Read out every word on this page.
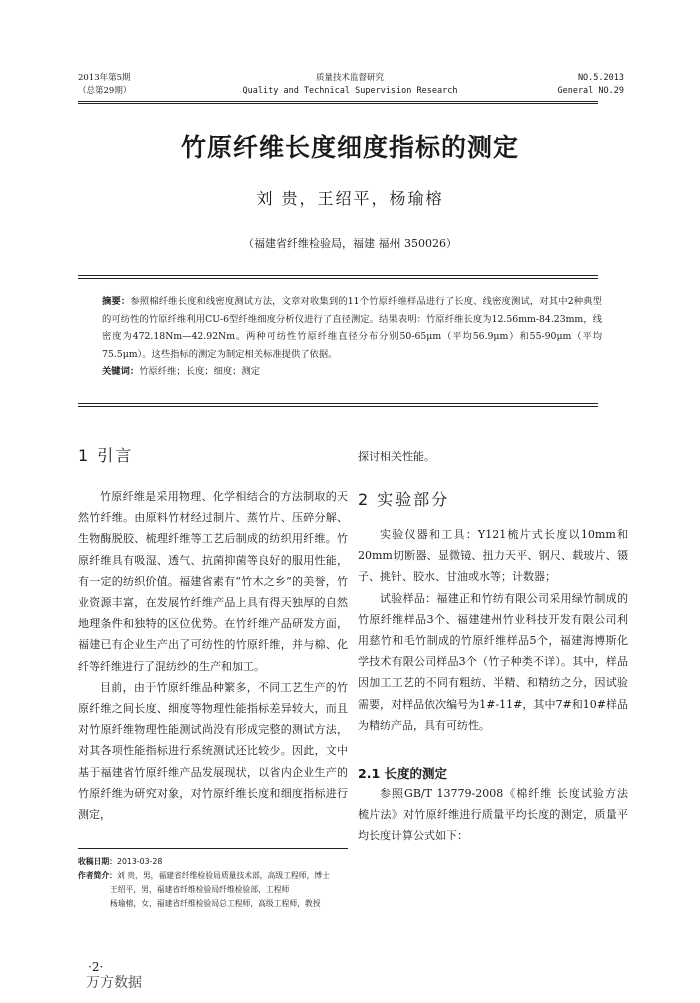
2013年第5期
（总第29期）
质量技术监督研究
Quality and Technical Supervision Research
NO.5.2013
General NO.29
竹原纤维长度细度指标的测定
刘 贵，王绍平，杨瑜榕
（福建省纤维检验局，福建 福州 350026）
摘要：参照棉纤维长度和线密度测试方法，文章对收集到的11个竹原纤维样品进行了长度、线密度测试，对其中2种典型的可纺性的竹原纤维利用CU-6型纤维细度分析仪进行了直径测定。结果表明：竹原纤维长度为12.56mm-84.23mm，线密度为472.18Nm—42.92Nm。两种可纺性竹原纤维直径分布分别50-65μm（平均56.9μm）和55-90μm（平均75.5μm）。这些指标的测定为制定相关标准提供了依据。
关键词：竹原纤维；长度；细度；测定
1 引言

竹原纤维是采用物理、化学相结合的方法制取的天然竹纤维。由原料竹材经过制片、蒸竹片、压碎分解、生物酶脱胶、梳理纤维等工艺后制成的纺织用纤维。竹原纤维具有吸湿、透气、抗菌抑菌等良好的服用性能，有一定的纺织价值。福建省素有“竹木之乡”的美誉，竹业资源丰富，在发展竹纤维产品上具有得天独厚的自然地理条件和独特的区位优势。在竹纤维产品研发方面，福建已有企业生产出了可纺性的竹原纤维，并与棉、化纤等纤维进行了混纺纱的生产和加工。

目前，由于竹原纤维品种繁多，不同工艺生产的竹原纤维之间长度、细度等物理性能指标差异较大，而且对竹原纤维物理性能测试尚没有形成完整的测试方法，对其各项性能指标进行系统测试还比较少。因此，文中基于福建省竹原纤维产品发展现状，以省内企业生产的竹原纤维为研究对象，对竹原纤维长度和细度指标进行测定，

探讨相关性能。

2 实验部分

实验仪器和工具：Y121梳片式长度以10mm和20mm切断器、显微镜、扭力天平、钢尺、载玻片、镊子、挑针、胶水、甘油或水等；计数器；

试验样品：福建正和竹纺有限公司采用绿竹制成的竹原纤维样品3个、福建建州竹业科技开发有限公司利用慈竹和毛竹制成的竹原纤维样品5个，福建海博斯化学技术有限公司样品3个（竹子种类不详）。其中，样品因加工工艺的不同有粗纺、半精、和精纺之分，因试验需要，对样品依次编号为1#-11#，其中7#和10#样品为精纺产品，具有可纺性。

2.1 长度的测定

参照GB/T 13779-2008《棉纤维 长度试验方法 梳片法》对竹原纤维进行质量平均长度的测定，质量平均长度计算公式如下：

收稿日期：2013-03-28
作者简介：刘 贵，男，福建省纤维检验局质量技术部，高级工程师，博士
王绍平，男，福建省纤维检验局纤维检验部，工程师
杨瑜榕，女，福建省纤维检验局总工程师，高级工程师，教授
·2·
万方数据
